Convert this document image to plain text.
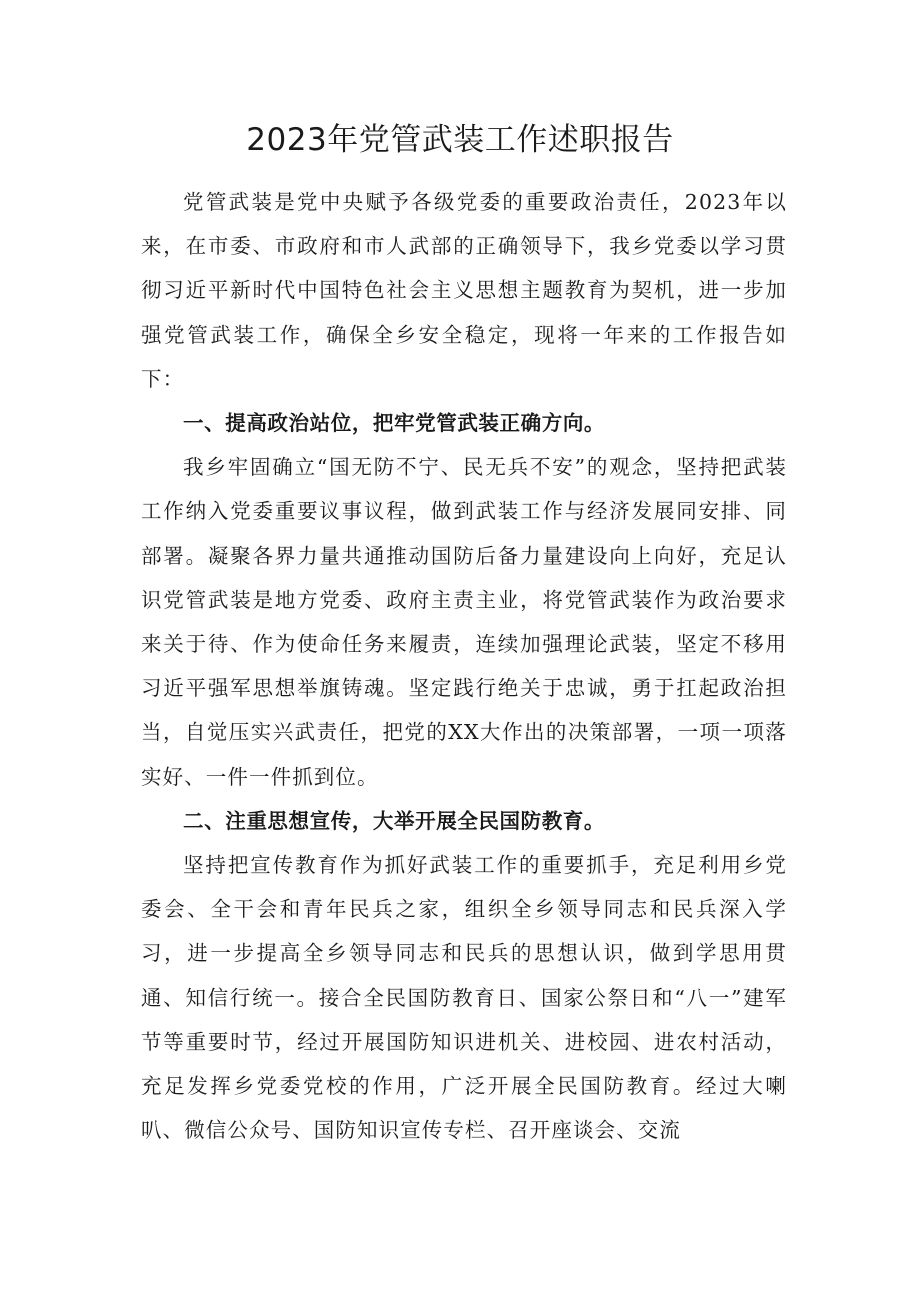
2023年党管武装工作述职报告

党管武装是党中央赋予各级党委的重要政治责任，2023年以来，在市委、市政府和市人武部的正确领导下，我乡党委以学习贯彻习近平新时代中国特色社会主义思想主题教育为契机，进一步加强党管武装工作，确保全乡安全稳定，现将一年来的工作报告如下：

一、提高政治站位，把牢党管武装正确方向。

我乡牢固确立“国无防不宁、民无兵不安”的观念，坚持把武装工作纳入党委重要议事议程，做到武装工作与经济发展同安排、同部署。凝聚各界力量共通推动国防后备力量建设向上向好，充足认识党管武装是地方党委、政府主责主业，将党管武装作为政治要求来关于待、作为使命任务来履责，连续加强理论武装，坚定不移用习近平强军思想举旗铸魂。坚定践行绝关于忠诚，勇于扛起政治担当，自觉压实兴武责任，把党的XX大作出的决策部署，一项一项落实好、一件一件抓到位。

二、注重思想宣传，大举开展全民国防教育。

坚持把宣传教育作为抓好武装工作的重要抓手，充足利用乡党委会、全干会和青年民兵之家，组织全乡领导同志和民兵深入学习，进一步提高全乡领导同志和民兵的思想认识，做到学思用贯通、知信行统一。接合全民国防教育日、国家公祭日和“八一”建军节等重要时节，经过开展国防知识进机关、进校园、进农村活动，充足发挥乡党委党校的作用，广泛开展全民国防教育。经过大喇叭、微信公众号、国防知识宣传专栏、召开座谈会、交流
